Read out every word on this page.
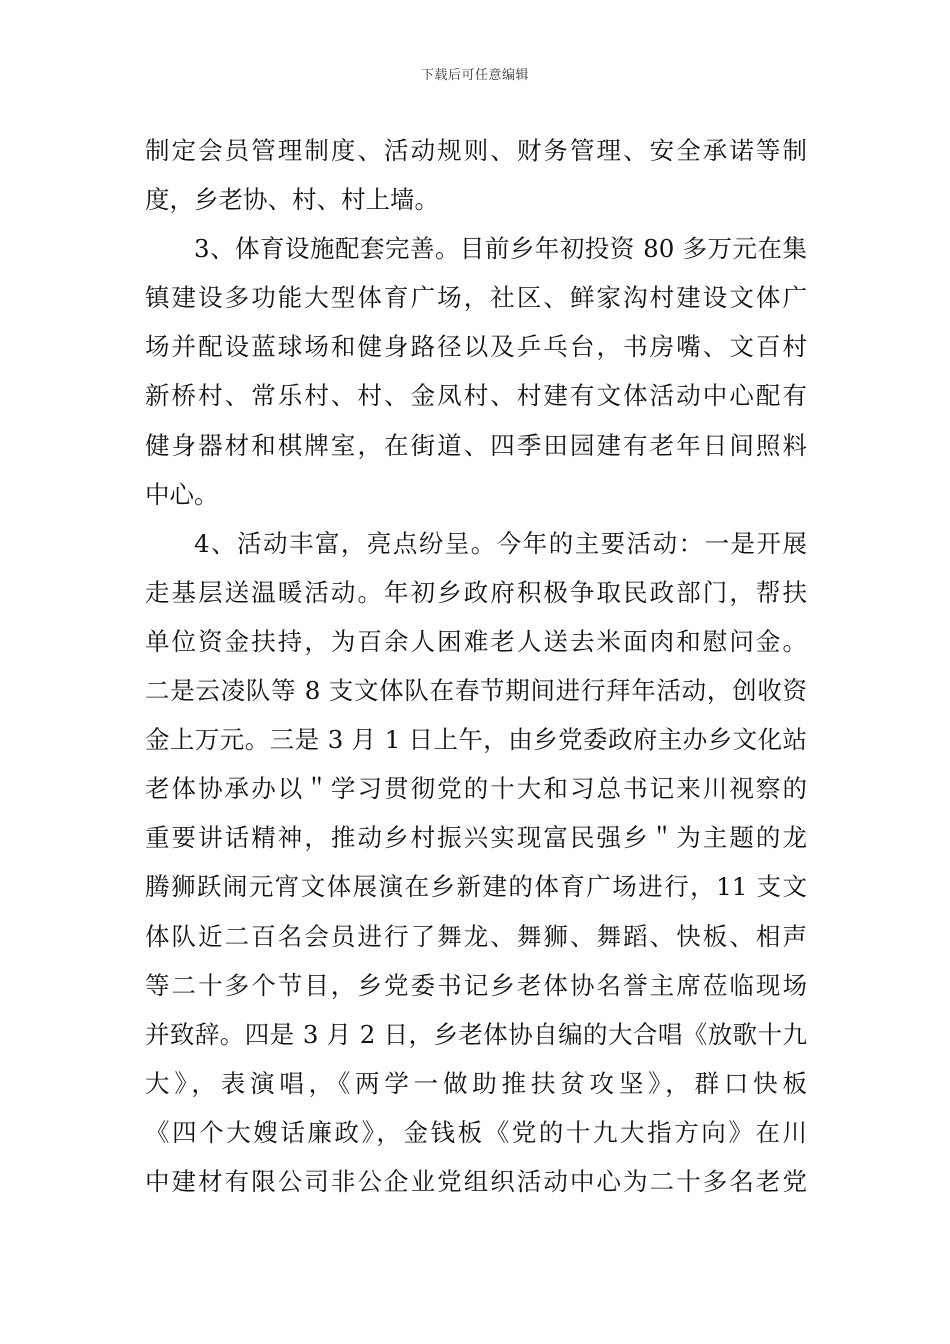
下载后可任意编辑
制定会员管理制度、活动规则、财务管理、安全承诺等制
度，乡老协、村、村上墙。
3、体育设施配套完善。目前乡年初投资 80 多万元在集
镇建设多功能大型体育广场，社区、鲜家沟村建设文体广
场并配设蓝球场和健身路径以及乒乓台，书房嘴、文百村
新桥村、常乐村、村、金凤村、村建有文体活动中心配有
健身器材和棋牌室，在街道、四季田园建有老年日间照料
中心。
4、活动丰富，亮点纷呈。今年的主要活动：一是开展
走基层送温暖活动。年初乡政府积极争取民政部门，帮扶
单位资金扶持，为百余人困难老人送去米面肉和慰问金。
二是云凌队等 8 支文体队在春节期间进行拜年活动，创收资
金上万元。三是 3 月 1 日上午，由乡党委政府主办乡文化站
老体协承办以＂学习贯彻党的十大和习总书记来川视察的
重要讲话精神，推动乡村振兴实现富民强乡＂为主题的龙
腾狮跃闹元宵文体展演在乡新建的体育广场进行，11 支文
体队近二百名会员进行了舞龙、舞狮、舞蹈、快板、相声
等二十多个节目，乡党委书记乡老体协名誉主席莅临现场
并致辞。四是 3 月 2 日，乡老体协自编的大合唱《放歌十九
大》，表演唱，《两学一做助推扶贫攻坚》，群口快板
《四个大嫂话廉政》，金钱板《党的十九大指方向》在川
中建材有限公司非公企业党组织活动中心为二十多名老党
